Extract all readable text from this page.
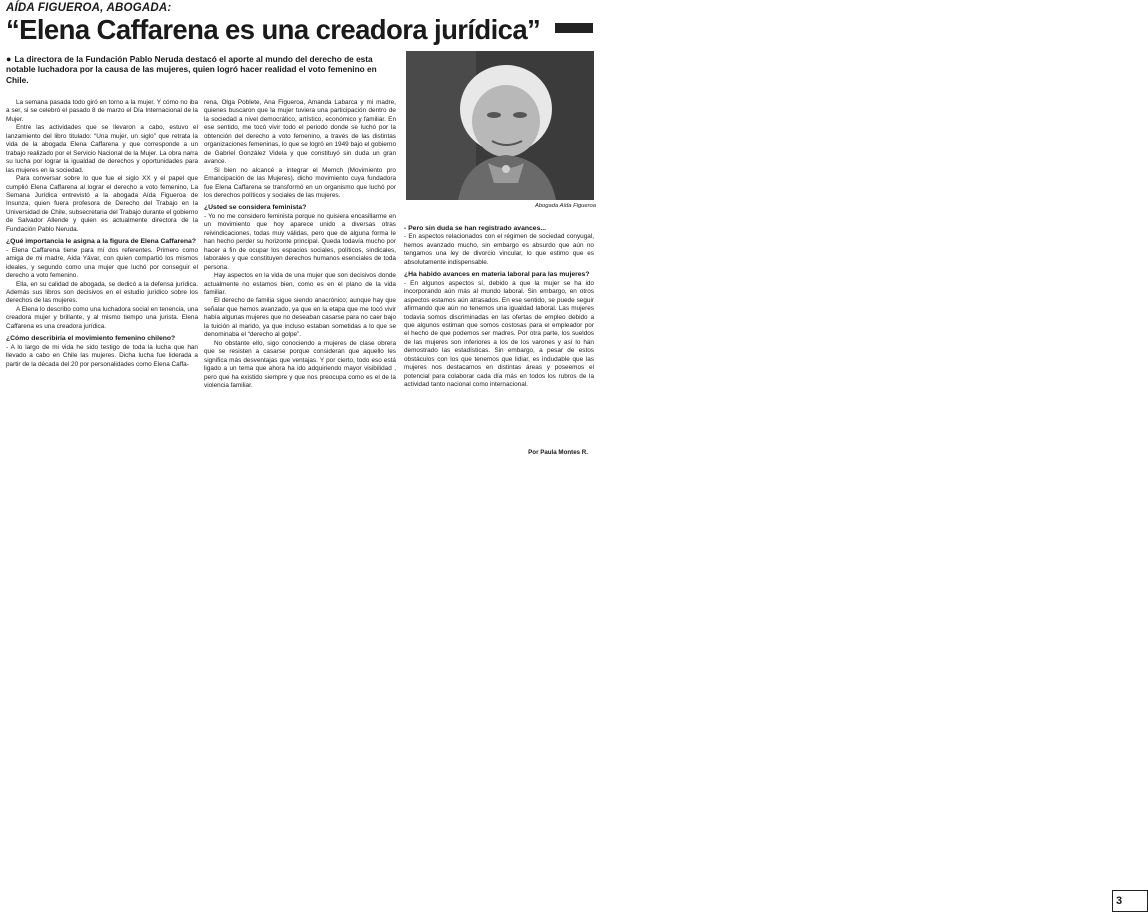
AÍDA FIGUEROA, ABOGADA:
“Elena Caffarena es una creadora jurídica”
● La directora de la Fundación Pablo Neruda destacó el aporte al mundo del derecho de esta notable luchadora por la causa de las mujeres, quien logró hacer realidad el voto femenino en Chile.
Abogada Aída Figueroa

La semana pasada todo giró en torno a la mujer. Y cómo no iba a ser, si se celebró el pasado 8 de marzo el Día Internacional de la Mujer.

Entre las actividades que se llevaron a cabo, estuvo el lanzamiento del libro titulado: “Una mujer, un siglo” que retrata la vida de la abogada Elena Caffarena y que corresponde a un trabajo realizado por el Servicio Nacional de la Mujer. La obra narra su lucha por lograr la igualdad de derechos y oportunidades para las mujeres en la sociedad.

Para conversar sobre lo que fue el siglo XX y el papel que cumplió Elena Caffarena al lograr el derecho a voto femenino, La Semana Jurídica entrevistó a la abogada Aída Figueroa de Insunza, quien fuera profesora de Derecho del Trabajo en la Universidad de Chile, subsecretaria del Trabajo durante el gobierno de Salvador Allende y quien es actualmente directora de la Fundación Pablo Neruda.

¿Qué importancia le asigna a la figura de Elena Caffarena?

- Elena Caffarena tiene para mí dos referentes. Primero como amiga de mi madre, Aída Yávar, con quien compartió los mismos ideales, y segundo como una mujer que luchó por conseguir el derecho a voto femenino.

Ella, en su calidad de abogada, se dedicó a la defensa jurídica. Además sus libros son decisivos en el estudio jurídico sobre los derechos de las mujeres.

A Elena lo describo como una luchadora social en tenencia, una creadora mujer y brillante, y al mismo tiempo una jurista. Elena Caffarena es una creadora jurídica.

¿Cómo describiría el movimiento femenino chileno?

- A lo largo de mi vida he sido testigo de toda la lucha que han llevado a cabo en Chile las mujeres. Dicha lucha fue liderada a partir de la década del 20 por personalidades como Elena Caffa-

rena, Olga Poblete, Ana Figueroa, Amanda Labarca y mi madre, quienes buscaron que la mujer tuviera una participación dentro de la sociedad a nivel democrático, artístico, económico y familiar. En ese sentido, me tocó vivir todo el periodo donde se luchó por la obtención del derecho a voto femenino, a través de las distintas organizaciones femeninas, lo que se logró en 1949 bajo el gobierno de Gabriel González Videla y que constituyó sin duda un gran avance.

Si bien no alcancé a integrar el Memch (Movimiento pro Emancipación de las Mujeres), dicho movimiento cuya fundadora fue Elena Caffarena se transformó en un organismo que luchó por los derechos políticos y sociales de las mujeres.

¿Usted se considera feminista?

- Yo no me considero feminista porque no quisiera encasillarme en un movimiento que hoy aparece unido a diversas otras reivindicaciones, todas muy válidas, pero que de alguna forma le han hecho perder su horizonte principal. Queda todavía mucho por hacer a fin de ocupar los espacios sociales, políticos, sindicales, laborales y que constituyen derechos humanos esenciales de toda persona.

Hay aspectos en la vida de una mujer que son decisivos donde actualmente no estamos bien, como es en el plano de la vida familiar.

El derecho de familia sigue siendo anacrónico; aunque hay que señalar que hemos avanzado, ya que en la etapa que me tocó vivir había algunas mujeres que no deseaban casarse para no caer bajo la tuición al marido, ya que incluso estaban sometidas a lo que se denominaba el “derecho al golpe”.

No obstante ello, sigo conociendo a mujeres de clase obrera que se resisten a casarse porque consideran que aquello les significa más desventajas que ventajas. Y por cierto, todo eso está ligado a un tema que ahora ha ido adquiriendo mayor visibilidad , pero que ha existido siempre y que nos preocupa como es el de la violencia familiar.

- Pero sin duda se han registrado avances...

- En aspectos relacionados con el régimen de sociedad conyugal, hemos avanzado mucho, sin embargo es absurdo que aún no tengamos una ley de divorcio vincular, lo que estimo que es absolutamente indispensable.

¿Ha habido avances en materia laboral para las mujeres?

- En algunos aspectos sí, debido a que la mujer se ha ido incorporando aún más al mundo laboral. Sin embargo, en otros aspectos estamos aún atrasados. En ese sentido, se puede seguir afirmando que aún no tenemos una igualdad laboral. Las mujeres todavía somos discriminadas en las ofertas de empleo debido a que algunos estiman que somos costosas para el empleador por el hecho de que podemos ser madres. Por otra parte, los sueldos de las mujeres son inferiores a los de los varones y así lo han demostrado las estadísticas. Sin embargo, a pesar de estos obstáculos con los que tenemos que lidiar, es indudable que las mujeres nos destacamos en distintas áreas y poseemos el potencial para colaborar cada día más en todos los rubros de la actividad tanto nacional como internacional.

Por Paula Montes R.
3
